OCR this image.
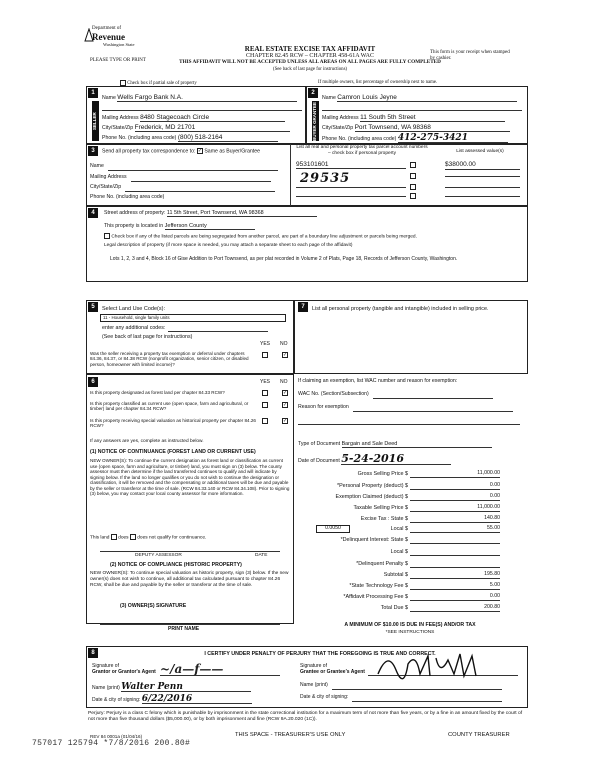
Department of
Revenue
Washington State
REAL ESTATE EXCISE TAX AFFIDAVIT
CHAPTER 82.45 RCW – CHAPTER 458-61A WAC
THIS AFFIDAVIT WILL NOT BE ACCEPTED UNLESS ALL AREAS ON ALL PAGES ARE FULLY COMPLETED
(See back of last page for instructions)
PLEASE TYPE OR PRINT
This form is your receipt when stamped by cashier.
Check box if partial sale of property	If multiple owners, list percentage of ownership next to name.
1	2
SELLER GRANTOR	BUYER GRANTEE
Name Wells Fargo Bank N.A.
Mailing Address 8480 Stagecoach Circle
City/State/Zip Frederick, MD 21701
Phone No. (including area code) (800) 518-2164
Name Camron Louis Jeyne
Mailing Address 11 South 5th Street
City/State/Zip Port Townsend, WA 98368
Phone No. (including area code) 412-275-3421
3	Send all property tax correspondence to: ✓ Same as Buyer/Grantee
Name
Mailing Address
City/State/Zip
Phone No. (including area code)
List all real and personal property tax parcel account numbers – check box if personal property	List assessed value(s)
953101601	$38000.00
29535
4	Street address of property: 11 5th Street, Port Townsend, WA 98368
This property is located in Jefferson County
Check box if any of the listed parcels are being segregated from another parcel, are part of a boundary line adjustment or parcels being merged.
Legal description of property (if more space is needed, you may attach a separate sheet to each page of the affidavit)
Lots 1, 2, 3 and 4, Block 16 of Gise Addition to Port Townsend, as per plat recorded in Volume 2 of Plats, Page 18, Records of Jefferson County, Washington.
5	Select Land Use Code(s):
11 - Household, single family units
enter any additional codes:
(See back of last page for instructions)
YES NO
Was the seller receiving a property tax exemption or deferral under chapters 84.36, 84.37, or 84.38 RCW (nonprofit organization, senior citizen, or disabled person, homeowner with limited income)?
✓
7	List all personal property (tangible and intangible) included in selling price.
6	YES NO
Is this property designated as forest land per chapter 84.33 RCW?	✓
Is this property classified as current use (open space, farm and agricultural, or timber) land per chapter 84.34 RCW?
✓
Is this property receiving special valuation as historical property per chapter 84.26 RCW?
✓
If any answers are yes, complete as instructed below.
(1) NOTICE OF CONTINUANCE (FOREST LAND OR CURRENT USE)
NEW OWNER(S): To continue the current designation as forest land or classification as current use (open space, farm and agriculture, or timber) land, you must sign on (3) below. The county assessor must then determine if the land transferred continues to qualify and will indicate by signing below. If the land no longer qualifies or you do not wish to continue the designation or classification, it will be removed and the compensating or additional taxes will be due and payable by the seller or transferor at the time of sale. (RCW 84.33.140 or RCW 84.34.108). Prior to signing (3) below, you may contact your local county assessor for more information.
This land does does not qualify for continuance.
DEPUTY ASSESSOR	DATE
(2) NOTICE OF COMPLIANCE (HISTORIC PROPERTY)
NEW OWNER(S): To continue special valuation as historic property, sign (3) below. If the new owner(s) does not wish to continue, all additional tax calculated pursuant to chapter 84.26 RCW, shall be due and payable by the seller or transferor at the time of sale.
(3) OWNER(S) SIGNATURE
PRINT NAME
If claiming an exemption, list WAC number and reason for exemption:
WAC No. (Section/Subsection)
Reason for exemption
Type of Document Bargain and Sale Deed
Date of Document 5-24-2016
Gross Selling Price $	11,000.00
*Personal Property (deduct) $	0.00
Exemption Claimed (deduct) $	0.00
Taxable Selling Price $	11,000.00
Excise Tax : State $	140.80
0.0050	Local $	55.00
*Delinquent Interest: State $
Local $
*Delinquent Penalty $
Subtotal $	195.80
*State Technology Fee $	5.00
*Affidavit Processing Fee $	0.00
Total Due $	200.80
A MINIMUM OF $10.00 IS DUE IN FEE(S) AND/OR TAX
*SEE INSTRUCTIONS
8	I CERTIFY UNDER PENALTY OF PERJURY THAT THE FOREGOING IS TRUE AND CORRECT.
Signature of
Grantor or Grantor's Agent ~/a—f——
Name (print) Walter Penn
Date & city of signing: 6/22/2016
Signature of
Grantee or Grantee's Agent
Name (print)
Date & city of signing:
Perjury: Perjury is a class C felony which is punishable by imprisonment in the state correctional institution for a maximum term of not more than five years, or by a fine in an amount fixed by the court of not more than five thousand dollars ($5,000.00), or by both imprisonment and fine (RCW 9A.20.020 (1C)).
REV 84 0001a (01/04/16)	THIS SPACE - TREASURER'S USE ONLY	COUNTY TREASURER
757017 125794 *7/8/2016 200.80#
